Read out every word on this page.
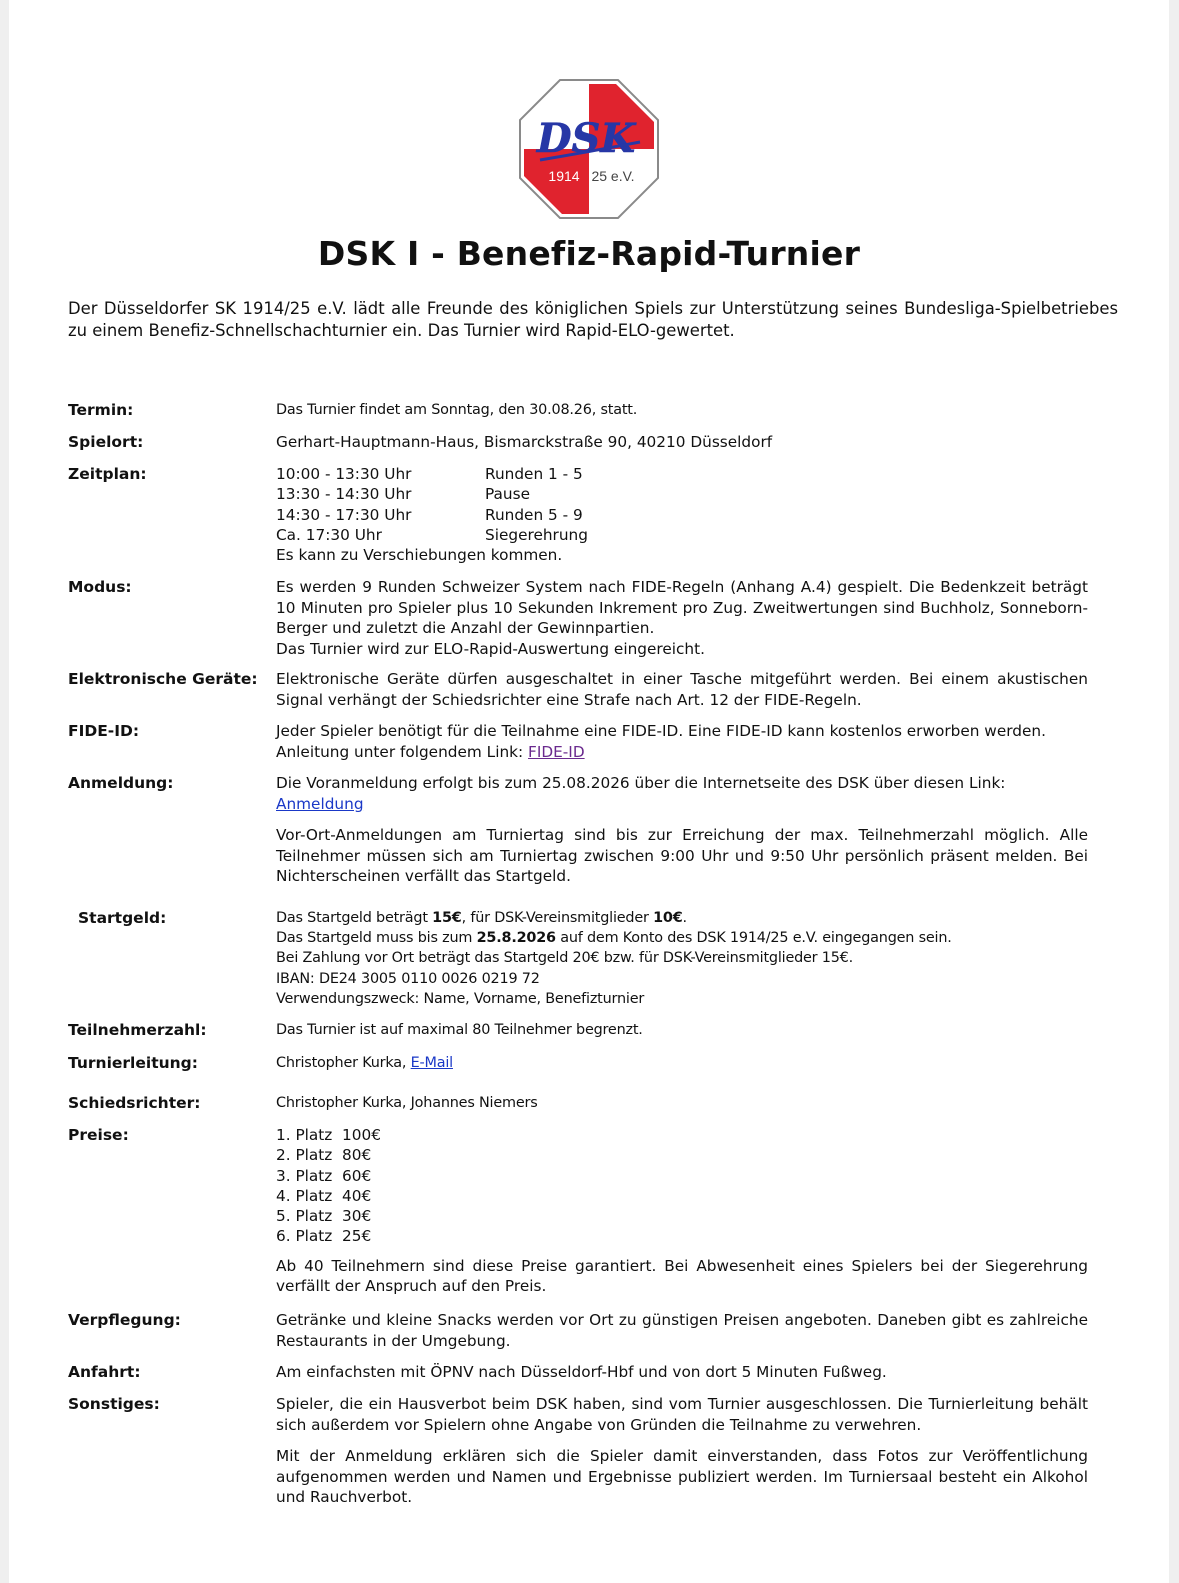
DSK
1914 25 e.V.
DSK I - Benefiz-Rapid-Turnier

Der Düsseldorfer SK 1914/25 e.V. lädt alle Freunde des königlichen Spiels zur Unterstützung seines Bundesliga-Spielbetriebes zu einem Benefiz-Schnellschachturnier ein. Das Turnier wird Rapid-ELO-gewertet.

Termin:	Das Turnier findet am Sonntag, den 30.08.26, statt.
Spielort:	Gerhart-Hauptmann-Haus, Bismarckstraße 90, 40210 Düsseldorf
Zeitplan:	10:00 - 13:30 Uhr	Runden 1 - 5
13:30 - 14:30 Uhr	Pause
14:30 - 17:30 Uhr	Runden 5 - 9
Ca. 17:30 Uhr	Siegerehrung

Es kann zu Verschiebungen kommen.

Modus:	Es werden 9 Runden Schweizer System nach FIDE-Regeln (Anhang A.4) gespielt. Die Bedenkzeit beträgt 10 Minuten pro Spieler plus 10 Sekunden Inkrement pro Zug. Zweitwertungen sind Buchholz, Sonneborn-Berger und zuletzt die Anzahl der Gewinnpartien.

Das Turnier wird zur ELO-Rapid-Auswertung eingereicht.

Elektronische Geräte:	Elektronische Geräte dürfen ausgeschaltet in einer Tasche mitgeführt werden. Bei einem akustischen Signal verhängt der Schiedsrichter eine Strafe nach Art. 12 der FIDE-Regeln.

FIDE-ID:	Jeder Spieler benötigt für die Teilnahme eine FIDE-ID. Eine FIDE-ID kann kostenlos erworben werden.

Anleitung unter folgendem Link: FIDE-ID

Anmeldung:	Die Voranmeldung erfolgt bis zum 25.08.2026 über die Internetseite des DSK über diesen Link:

Anmeldung

Vor-Ort-Anmeldungen am Turniertag sind bis zur Erreichung der max. Teilnehmerzahl möglich. Alle Teilnehmer müssen sich am Turniertag zwischen 9:00 Uhr und 9:50 Uhr persönlich präsent melden. Bei Nichterscheinen verfällt das Startgeld.

Startgeld:	Das Startgeld beträgt 15€, für DSK-Vereinsmitglieder 10€.

Das Startgeld muss bis zum 25.8.2026 auf dem Konto des DSK 1914/25 e.V. eingegangen sein.

Bei Zahlung vor Ort beträgt das Startgeld 20€ bzw. für DSK-Vereinsmitglieder 15€.

IBAN: DE24 3005 0110 0026 0219 72

Verwendungszweck: Name, Vorname, Benefizturnier

Teilnehmerzahl:	Das Turnier ist auf maximal 80 Teilnehmer begrenzt.
Turnierleitung:	Christopher Kurka, E-Mail
Schiedsrichter:	Christopher Kurka, Johannes Niemers
Preise:	1. Platz  100€
2. Platz  80€
3. Platz  60€
4. Platz  40€
5. Platz  30€
6. Platz  25€

Ab 40 Teilnehmern sind diese Preise garantiert. Bei Abwesenheit eines Spielers bei der Siegerehrung verfällt der Anspruch auf den Preis.

Verpflegung:	Getränke und kleine Snacks werden vor Ort zu günstigen Preisen angeboten. Daneben gibt es zahlreiche Restaurants in der Umgebung.

Anfahrt:	Am einfachsten mit ÖPNV nach Düsseldorf-Hbf und von dort 5 Minuten Fußweg.
Sonstiges:	Spieler, die ein Hausverbot beim DSK haben, sind vom Turnier ausgeschlossen. Die Turnierleitung behält sich außerdem vor Spielern ohne Angabe von Gründen die Teilnahme zu verwehren.

Mit der Anmeldung erklären sich die Spieler damit einverstanden, dass Fotos zur Veröffentlichung aufgenommen werden und Namen und Ergebnisse publiziert werden. Im Turniersaal besteht ein Alkohol und Rauchverbot.
